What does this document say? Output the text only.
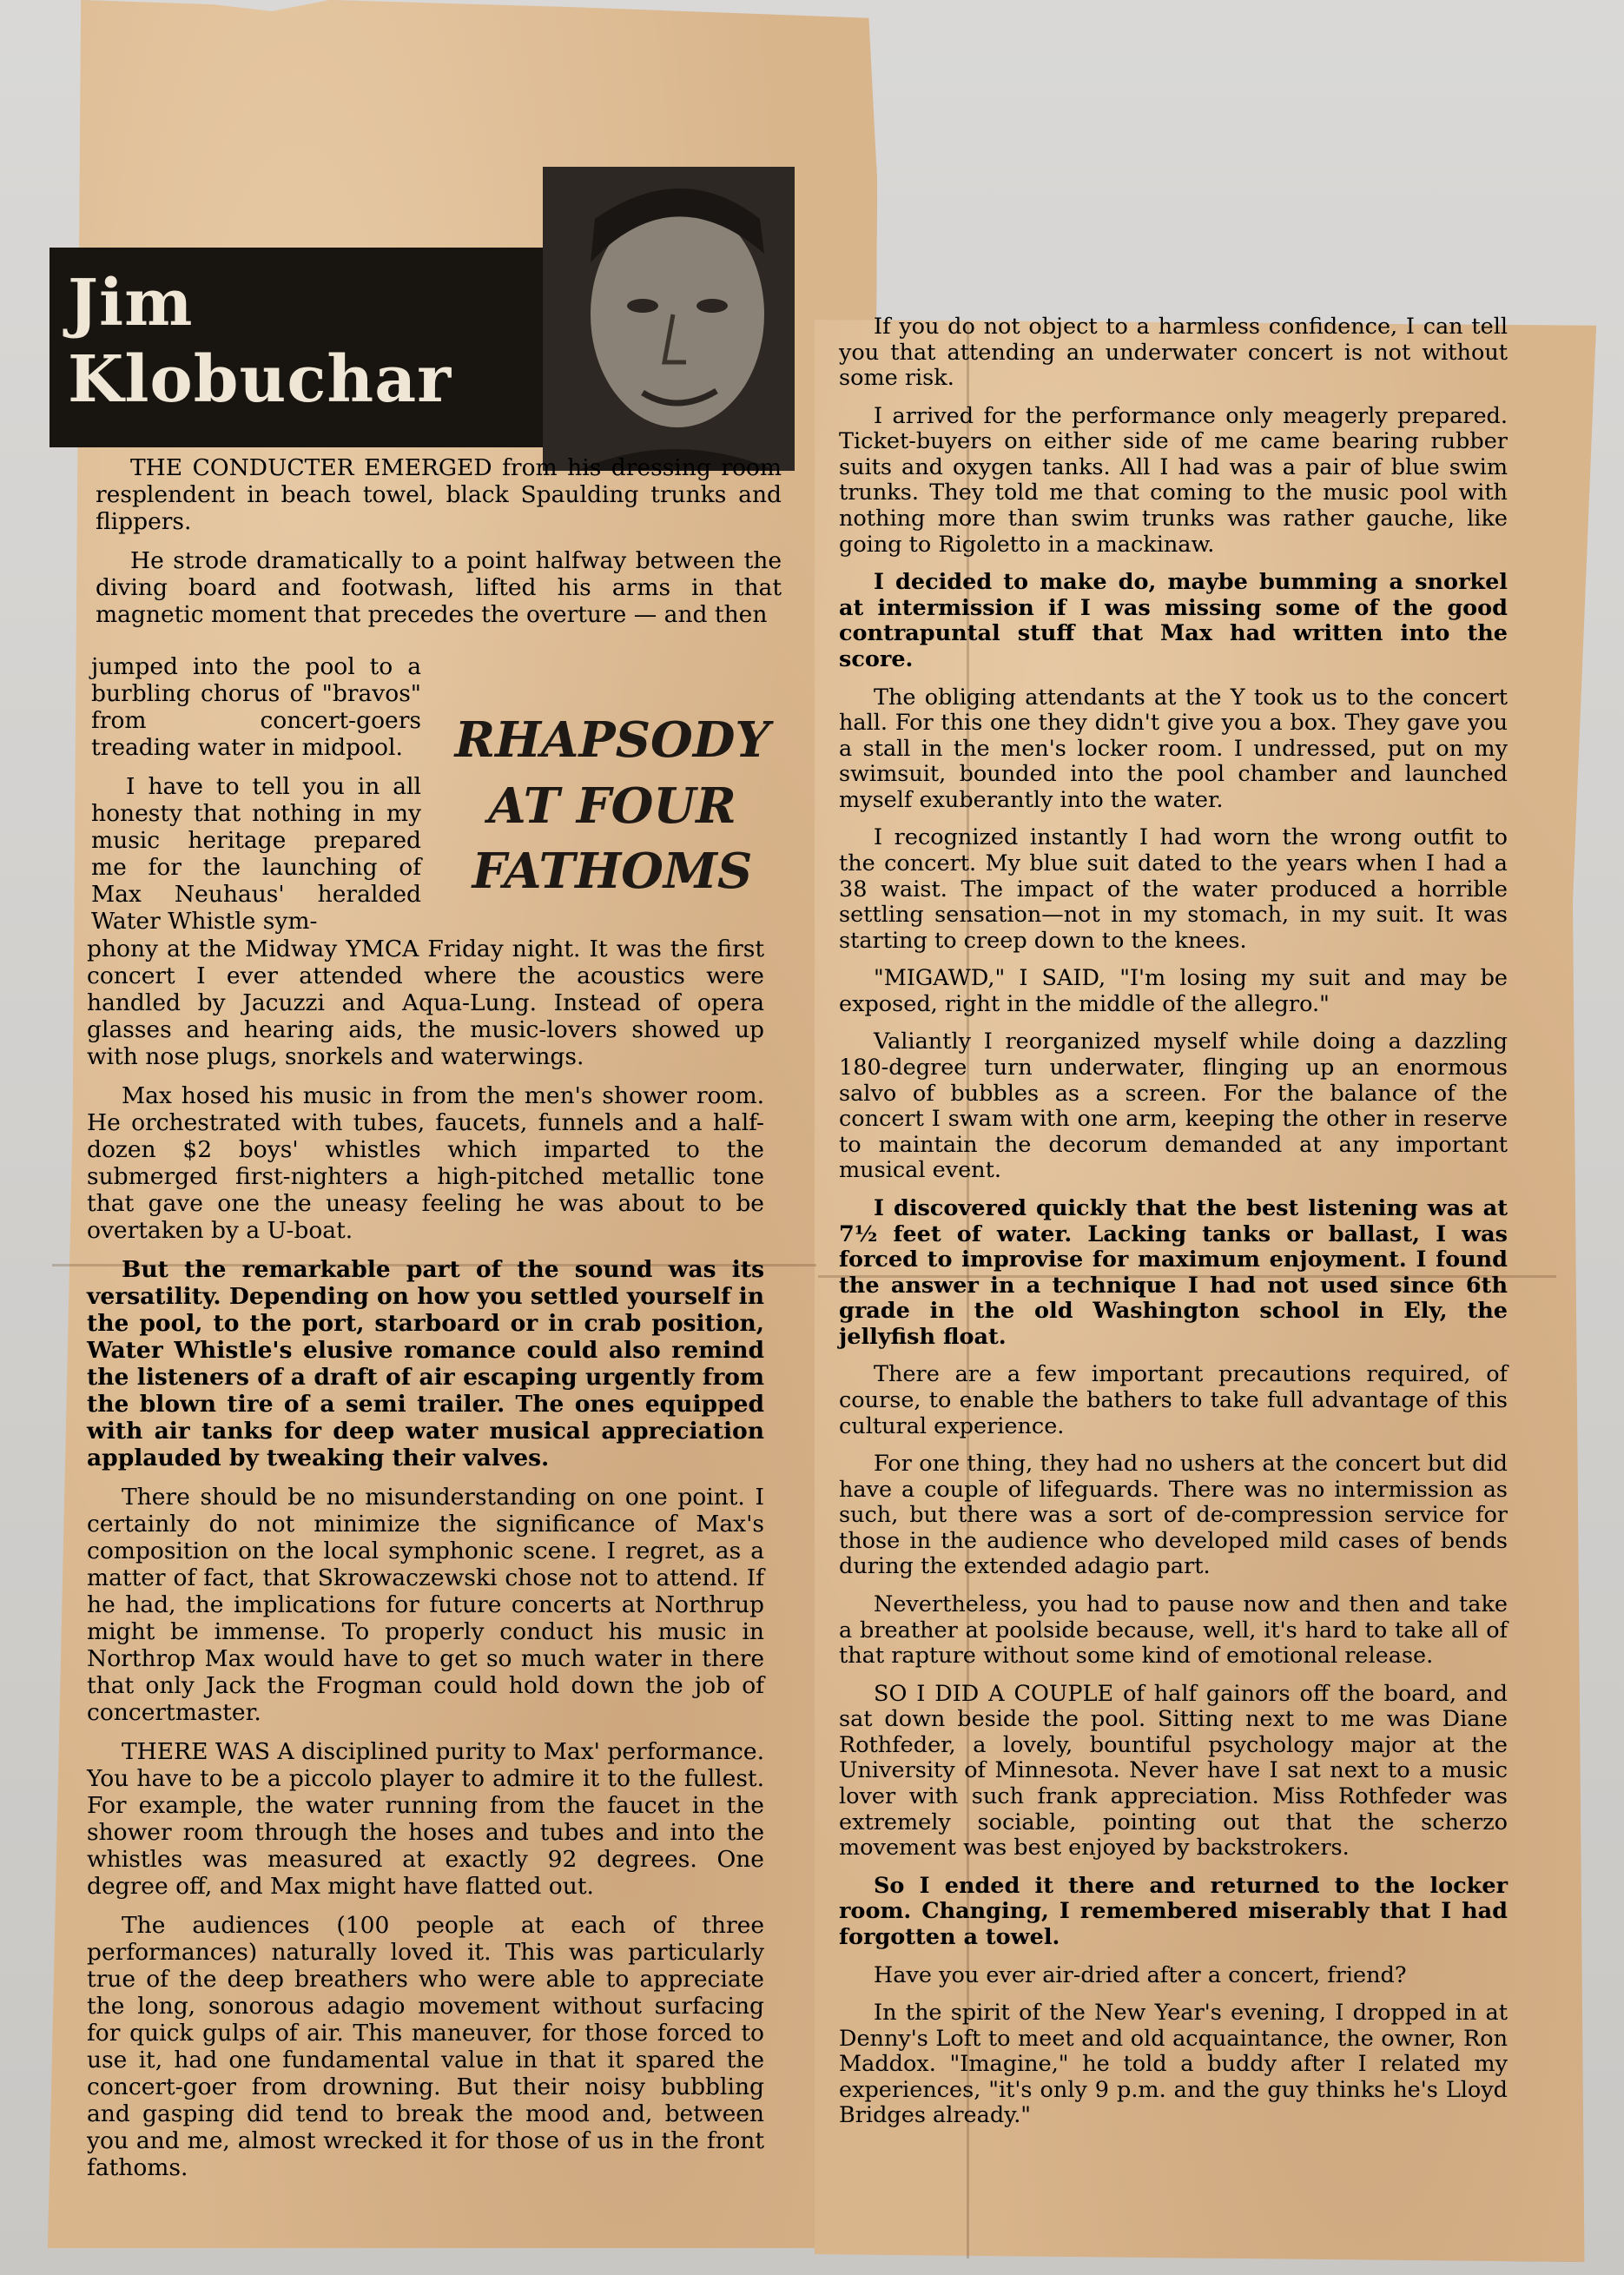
Jim
Klobuchar

THE CONDUCTER EMERGED from his dressing room resplendent in beach towel, black Spaulding trunks and flippers.

He strode dramatically to a point halfway between the diving board and footwash, lifted his arms in that magnetic moment that precedes the overture — and then

jumped into the pool to a burbling chorus of "bravos" from concert-goers treading water in midpool.

I have to tell you in all honesty that nothing in my music heritage prepared me for the launching of Max Neuhaus' heralded Water Whistle sym-

RHAPSODY
AT FOUR
FATHOMS

phony at the Midway YMCA Friday night. It was the first concert I ever attended where the acoustics were handled by Jacuzzi and Aqua-Lung. Instead of opera glasses and hearing aids, the music-lovers showed up with nose plugs, snorkels and waterwings.

Max hosed his music in from the men's shower room. He orchestrated with tubes, faucets, funnels and a half-dozen $2 boys' whistles which imparted to the submerged first-nighters a high-pitched metallic tone that gave one the uneasy feeling he was about to be overtaken by a U-boat.

But the remarkable part of the sound was its versatility. Depending on how you settled yourself in the pool, to the port, starboard or in crab position, Water Whistle's elusive romance could also remind the listeners of a draft of air escaping urgently from the blown tire of a semi trailer. The ones equipped with air tanks for deep water musical appreciation applauded by tweaking their valves.

There should be no misunderstanding on one point. I certainly do not minimize the significance of Max's composition on the local symphonic scene. I regret, as a matter of fact, that Skrowaczewski chose not to attend. If he had, the implications for future concerts at Northrup might be immense. To properly conduct his music in Northrop Max would have to get so much water in there that only Jack the Frogman could hold down the job of concertmaster.

THERE WAS A disciplined purity to Max' performance. You have to be a piccolo player to admire it to the fullest. For example, the water running from the faucet in the shower room through the hoses and tubes and into the whistles was measured at exactly 92 degrees. One degree off, and Max might have flatted out.

The audiences (100 people at each of three performances) naturally loved it. This was particularly true of the deep breathers who were able to appreciate the long, sonorous adagio movement without surfacing for quick gulps of air. This maneuver, for those forced to use it, had one fundamental value in that it spared the concert-goer from drowning. But their noisy bubbling and gasping did tend to break the mood and, between you and me, almost wrecked it for those of us in the front fathoms.

If you do not object to a harmless confidence, I can tell you that attending an underwater concert is not without some risk.

I arrived for the performance only meagerly prepared. Ticket-buyers on either side of me came bearing rubber suits and oxygen tanks. All I had was a pair of blue swim trunks. They told me that coming to the music pool with nothing more than swim trunks was rather gauche, like going to Rigoletto in a mackinaw.

I decided to make do, maybe bumming a snorkel at intermission if I was missing some of the good contrapuntal stuff that Max had written into the score.

The obliging attendants at the Y took us to the concert hall. For this one they didn't give you a box. They gave you a stall in the men's locker room. I undressed, put on my swimsuit, bounded into the pool chamber and launched myself exuberantly into the water.

I recognized instantly I had worn the wrong outfit to the concert. My blue suit dated to the years when I had a 38 waist. The impact of the water produced a horrible settling sensation—not in my stomach, in my suit. It was starting to creep down to the knees.

"MIGAWD," I SAID, "I'm losing my suit and may be exposed, right in the middle of the allegro."

Valiantly I reorganized myself while doing a dazzling 180-degree turn underwater, flinging up an enormous salvo of bubbles as a screen. For the balance of the concert I swam with one arm, keeping the other in reserve to maintain the decorum demanded at any important musical event.

I discovered quickly that the best listening was at 7½ feet of water. Lacking tanks or ballast, I was forced to improvise for maximum enjoyment. I found the answer in a technique I had not used since 6th grade in the old Washington school in Ely, the jellyfish float.

There are a few important precautions required, of course, to enable the bathers to take full advantage of this cultural experience.

For one thing, they had no ushers at the concert but did have a couple of lifeguards. There was no intermission as such, but there was a sort of de-compression service for those in the audience who developed mild cases of bends during the extended adagio part.

Nevertheless, you had to pause now and then and take a breather at poolside because, well, it's hard to take all of that rapture without some kind of emotional release.

SO I DID A COUPLE of half gainors off the board, and sat down beside the pool. Sitting next to me was Diane Rothfeder, a lovely, bountiful psychology major at the University of Minnesota. Never have I sat next to a music lover with such frank appreciation. Miss Rothfeder was extremely sociable, pointing out that the scherzo movement was best enjoyed by backstrokers.

So I ended it there and returned to the locker room. Changing, I remembered miserably that I had forgotten a towel.

Have you ever air-dried after a concert, friend?

In the spirit of the New Year's evening, I dropped in at Denny's Loft to meet and old acquaintance, the owner, Ron Maddox. "Imagine," he told a buddy after I related my experiences, "it's only 9 p.m. and the guy thinks he's Lloyd Bridges already."
